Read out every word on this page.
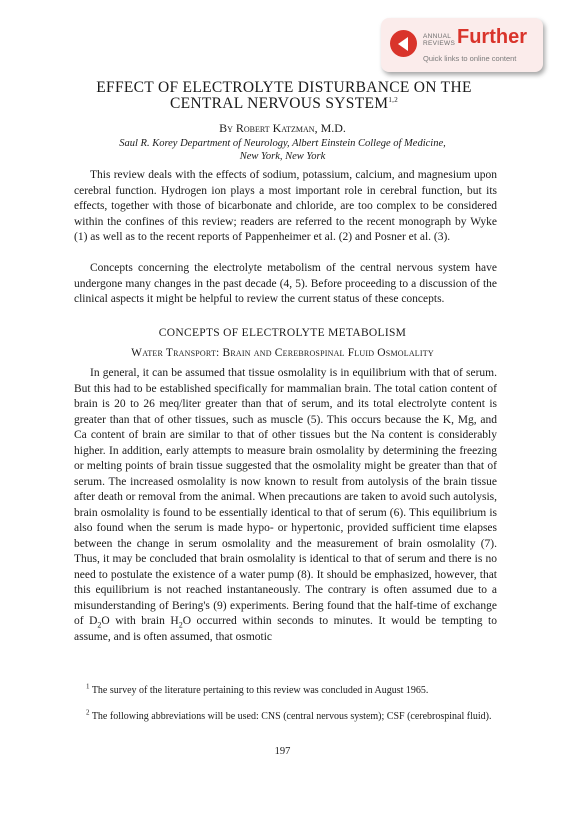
ANNUAL
REVIEWS Further
Quick links to online content
EFFECT OF ELECTROLYTE DISTURBANCE ON THE
CENTRAL NERVOUS SYSTEM$^{1,2}$
By Robert Katzman, M.D.
Saul R. Korey Department of Neurology, Albert Einstein College of Medicine,
New York, New York

This review deals with the effects of sodium, potassium, calcium, and magnesium upon cerebral function. Hydrogen ion plays a most important role in cerebral function, but its effects, together with those of bicarbonate and chloride, are too complex to be considered within the confines of this review; readers are referred to the recent monograph by Wyke (1) as well as to the recent reports of Pappenheimer et al. (2) and Posner et al. (3).

Concepts concerning the electrolyte metabolism of the central nervous system have undergone many changes in the past decade (4, 5). Before proceeding to a discussion of the clinical aspects it might be helpful to review the current status of these concepts.

CONCEPTS OF ELECTROLYTE METABOLISM
Water Transport: Brain and Cerebrospinal Fluid Osmolality

In general, it can be assumed that tissue osmolality is in equilibrium with that of serum. But this had to be established specifically for mammalian brain. The total cation content of brain is 20 to 26 meq/liter greater than that of serum, and its total electrolyte content is greater than that of other tissues, such as muscle (5). This occurs because the K, Mg, and Ca content of brain are similar to that of other tissues but the Na content is considerably higher. In addition, early attempts to measure brain osmolality by determining the freezing or melting points of brain tissue suggested that the osmolality might be greater than that of serum. The increased osmolality is now known to result from autolysis of the brain tissue after death or removal from the animal. When precautions are taken to avoid such autolysis, brain osmolality is found to be essentially identical to that of serum (6). This equilibrium is also found when the serum is made hypo- or hypertonic, provided sufficient time elapses between the change in serum osmolality and the measurement of brain osmolality (7). Thus, it may be concluded that brain osmolality is identical to that of serum and there is no need to postulate the existence of a water pump (8). It should be emphasized, however, that this equilibrium is not reached instantaneously. The contrary is often assumed due to a misunderstanding of Bering's (9) experiments. Bering found that the half-time of exchange of $D_2O$ with brain $H_2O$ occurred within seconds to minutes. It would be tempting to assume, and is often assumed, that osmotic

$^1$ The survey of the literature pertaining to this review was concluded in August 1965.

$^2$ The following abbreviations will be used: CNS (central nervous system); CSF (cerebrospinal fluid).

197
